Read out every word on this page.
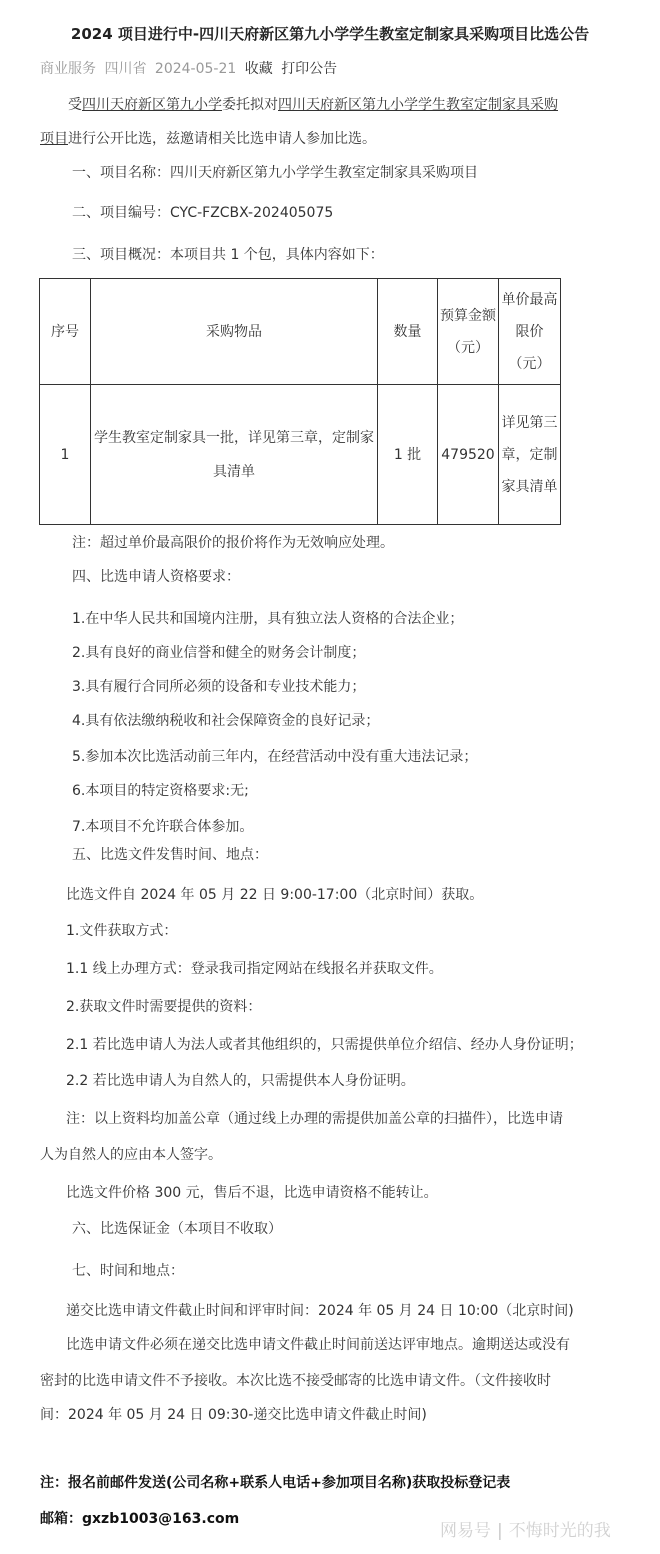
2024 项目进行中-四川天府新区第九小学学生教室定制家具采购项目比选公告
商业服务 四川省 2024-05-21 收藏 打印公告
受四川天府新区第九小学委托拟对四川天府新区第九小学学生教室定制家具采购
项目进行公开比选，兹邀请相关比选申请人参加比选。
一、项目名称：四川天府新区第九小学学生教室定制家具采购项目
二、项目编号：CYC-FZCBX-202405075
三、项目概况：本项目共 1 个包，具体内容如下：
序号	采购物品	数量	预算金额（元）	单价最高限价（元）
1	学生教室定制家具一批，详见第三章，定制家具清单	1 批	479520	详见第三章，定制家具清单
注：超过单价最高限价的报价将作为无效响应处理。
四、比选申请人资格要求：
1.在中华人民共和国境内注册，具有独立法人资格的合法企业；
2.具有良好的商业信誉和健全的财务会计制度；
3.具有履行合同所必须的设备和专业技术能力；
4.具有依法缴纳税收和社会保障资金的良好记录；
5.参加本次比选活动前三年内，在经营活动中没有重大违法记录；
6.本项目的特定资格要求:无;
7.本项目不允许联合体参加。
五、比选文件发售时间、地点：
比选文件自 2024 年 05 月 22 日 9:00-17:00（北京时间）获取。
1.文件获取方式：
1.1 线上办理方式：登录我司指定网站在线报名并获取文件。
2.获取文件时需要提供的资料：
2.1 若比选申请人为法人或者其他组织的，只需提供单位介绍信、经办人身份证明；
2.2 若比选申请人为自然人的，只需提供本人身份证明。
注：以上资料均加盖公章（通过线上办理的需提供加盖公章的扫描件），比选申请
人为自然人的应由本人签字。
比选文件价格 300 元，售后不退，比选申请资格不能转让。
六、比选保证金（本项目不收取）
七、时间和地点：
递交比选申请文件截止时间和评审时间：2024 年 05 月 24 日 10:00（北京时间)
比选申请文件必须在递交比选申请文件截止时间前送达评审地点。逾期送达或没有
密封的比选申请文件不予接收。本次比选不接受邮寄的比选申请文件。（文件接收时
间：2024 年 05 月 24 日 09:30-递交比选申请文件截止时间)
注：报名前邮件发送(公司名称+联系人电话+参加项目名称)获取投标登记表
邮箱：gxzb1003@163.com
网易号 | 不悔时光的我
